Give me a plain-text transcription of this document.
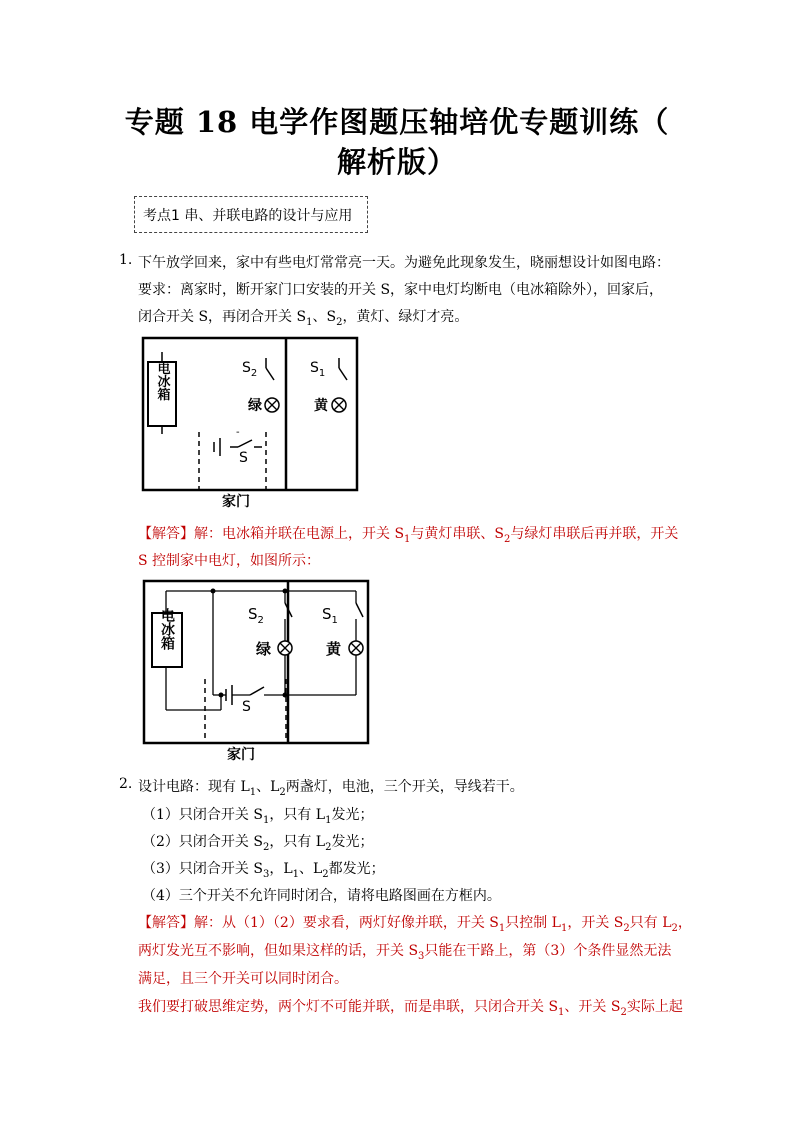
专题 18 电学作图题压轴培优专题训练（
解析版）
考点1 串、并联电路的设计与应用
1. 下午放学回来，家中有些电灯常常亮一天。为避免此现象发生，晓丽想设计如图电路：
要求：离家时，断开家门口安装的开关 S，家中电灯均断电（电冰箱除外），回家后，
闭合开关 S，再闭合开关 $S_1$、$S_2$，黄灯、绿灯才亮。
电冰箱	$S_2$
绿
$S_1$
黄
-
S
家门
【解答】解：电冰箱并联在电源上，开关 $S_1$与黄灯串联、$S_2$与绿灯串联后再并联，开关
S 控制家中电灯，如图所示：
电冰箱
S
$S_2$
绿
$S_1$
黄
家门
2. 设计电路：现有 $L_1$、$L_2$两盏灯，电池，三个开关，导线若干。
（1）只闭合开关 $S_1$，只有 $L_1$发光；
（2）只闭合开关 $S_2$，只有 $L_2$发光；
（3）只闭合开关 $S_3$，$L_1$、$L_2$都发光；
（4）三个开关不允许同时闭合，请将电路图画在方框内。
【解答】解：从（1）（2）要求看，两灯好像并联，开关 $S_1$只控制 $L_1$，开关 $S_2$只有 $L_2$，
两灯发光互不影响，但如果这样的话，开关 $S_3$只能在干路上，第（3）个条件显然无法
满足，且三个开关可以同时闭合。
我们要打破思维定势，两个灯不可能并联，而是串联，只闭合开关 $S_1$、开关 $S_2$实际上起
